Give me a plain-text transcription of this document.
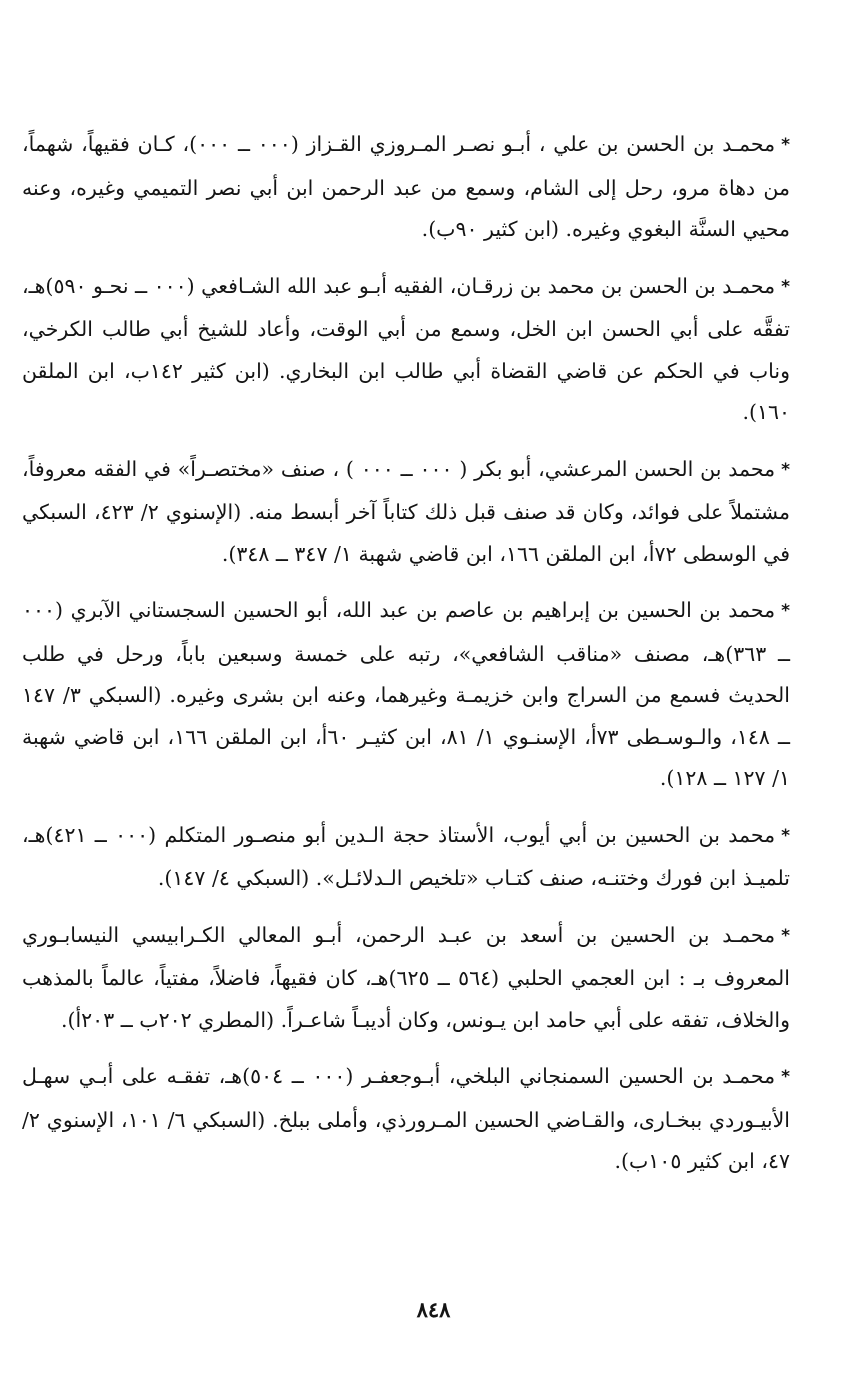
*محمـد بن الحسن بن علي ، أبـو نصـر المـروزي القـزاز (٠٠٠ ــ ٠٠٠)، كـان فقيهاً، شهماً، من دهاة مرو، رحل إلى الشام، وسمع من عبد الرحمن ابن أبي نصر التميمي وغيره، وعنه محيي السنَّة البغوي وغيره. (ابن كثير ٩٠ب).
*محمـد بن الحسن بن محمد بن زرقـان، الفقيه أبـو عبد الله الشـافعي (٠٠٠ ــ نحـو ٥٩٠)هـ، تفقَّه على أبي الحسن ابن الخل، وسمع من أبي الوقت، وأعاد للشيخ أبي طالب الكرخي، وناب في الحكم عن قاضي القضاة أبي طالب ابن البخاري. (ابن كثير ١٤٢ب، ابن الملقن ١٦٠).
*محمد بن الحسن المرعشي، أبو بكر ( ٠٠٠ ــ ٠٠٠ ) ، صنف «مختصـراً» في الفقه معروفاً، مشتملاً على فوائد، وكان قد صنف قبل ذلك كتاباً آخر أبسط منه. (الإسنوي ٢/ ٤٢٣، السبكي في الوسطى ٧٢أ، ابن الملقن ١٦٦، ابن قاضي شهبة ١/ ٣٤٧ ــ ٣٤٨).
*محمد بن الحسين بن إبراهيم بن عاصم بن عبد الله، أبو الحسين السجستاني الآبري (٠٠٠ ــ ٣٦٣)هـ، مصنف «مناقب الشافعي»، رتبه على خمسة وسبعين باباً، ورحل في طلب الحديث فسمع من السراج وابن خزيمـة وغيرهما، وعنه ابن بشرى وغيره. (السبكي ٣/ ١٤٧ ــ ١٤٨، والـوسـطى ٧٣أ، الإسنـوي ١/ ٨١، ابن كثيـر ٦٠أ، ابن الملقن ١٦٦، ابن قاضي شهبة ١/ ١٢٧ ــ ١٢٨).
*محمد بن الحسين بن أبي أيوب، الأستاذ حجة الـدين أبو منصـور المتكلم (٠٠٠ ــ ٤٢١)هـ، تلميـذ ابن فورك وختنـه، صنف كتـاب «تلخيص الـدلائـل». (السبكي ٤/ ١٤٧).
*محمـد بن الحسين بن أسعد بن عبـد الرحمن، أبـو المعالي الكـرابيسي النيسابـوري المعروف بـ : ابن العجمي الحلبي (٥٦٤ ــ ٦٢٥)هـ، كان فقيهاً، فاضلاً، مفتياً، عالماً بالمذهب والخلاف، تفقه على أبي حامد ابن يـونس، وكان أديبـاً شاعـراً. (المطري ٢٠٢ب ــ ٢٠٣أ).
*محمـد بن الحسين السمنجاني البلخي، أبـوجعفـر (٠٠٠ ــ ٥٠٤)هـ، تفقـه على أبـي سهـل الأبيـوردي ببخـارى، والقـاضي الحسين المـرورذي، وأملى ببلخ. (السبكي ٦/ ١٠١، الإسنوي ٢/ ٤٧، ابن كثير ١٠٥ب).
٨٤٨
